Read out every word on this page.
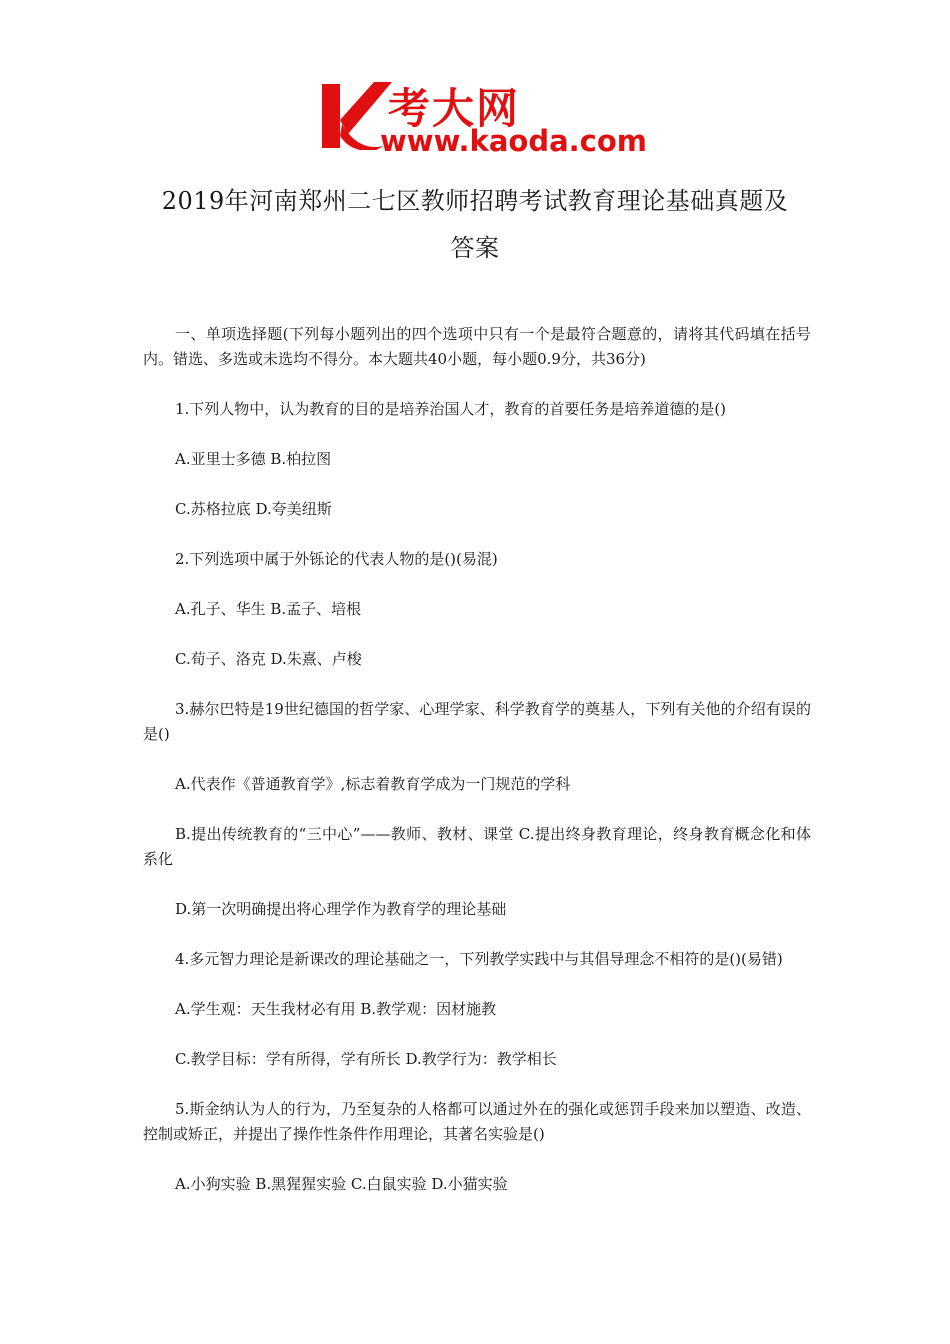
考大网
www.kaoda.com
2019年河南郑州二七区教师招聘考试教育理论基础真题及
答案

一、单项选择题(下列每小题列出的四个选项中只有一个是最符合题意的，请将其代码填在括号内。错选、多选或未选均不得分。本大题共40小题，每小题0.9分，共36分)

1.下列人物中，认为教育的目的是培养治国人才，教育的首要任务是培养道德的是()

A.亚里士多德 B.柏拉图

C.苏格拉底 D.夸美纽斯

2.下列选项中属于外铄论的代表人物的是()(易混)

A.孔子、华生 B.孟子、培根

C.荀子、洛克 D.朱熹、卢梭

3.赫尔巴特是19世纪德国的哲学家、心理学家、科学教育学的奠基人，下列有关他的介绍有误的是()

A.代表作《普通教育学》,标志着教育学成为一门规范的学科

B.提出传统教育的“三中心”——教师、教材、课堂 C.提出终身教育理论，终身教育概念化和体系化

D.第一次明确提出将心理学作为教育学的理论基础

4.多元智力理论是新课改的理论基础之一，下列教学实践中与其倡导理念不相符的是()(易错)

A.学生观：天生我材必有用 B.教学观：因材施教

C.教学目标：学有所得，学有所长 D.教学行为：教学相长

5.斯金纳认为人的行为，乃至复杂的人格都可以通过外在的强化或惩罚手段来加以塑造、改造、控制或矫正，并提出了操作性条件作用理论，其著名实验是()

A.小狗实验 B.黑猩猩实验 C.白鼠实验 D.小猫实验
